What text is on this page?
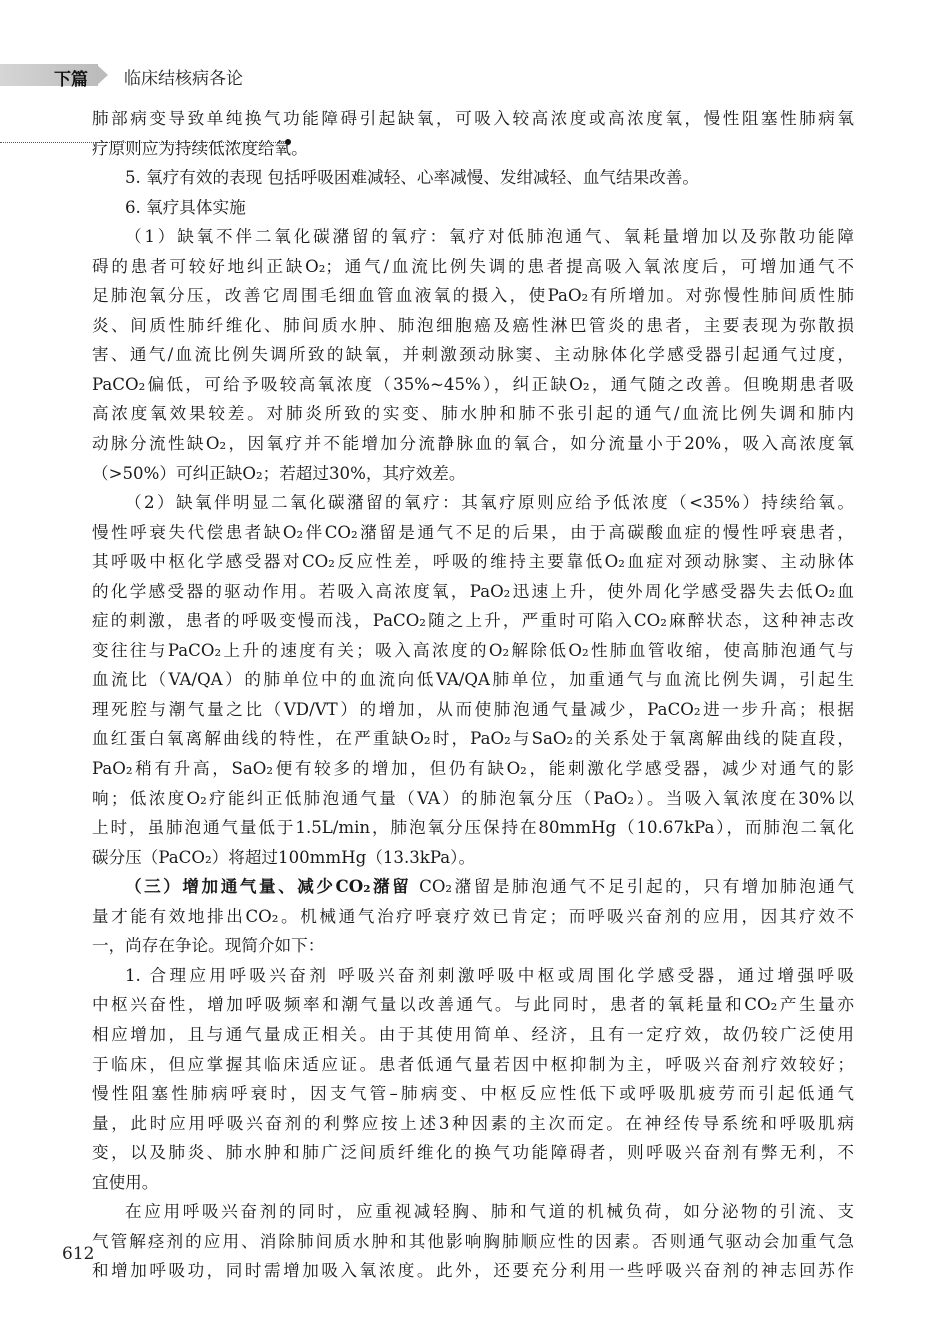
下篇 临床结核病各论
肺部病变导致单纯换气功能障碍引起缺氧，可吸入较高浓度或高浓度氧，慢性阻塞性肺病氧
疗原则应为持续低浓度给氧。
5. 氧疗有效的表现 包括呼吸困难减轻、心率减慢、发绀减轻、血气结果改善。
6. 氧疗具体实施
（1）缺氧不伴二氧化碳潴留的氧疗：氧疗对低肺泡通气、氧耗量增加以及弥散功能障
碍的患者可较好地纠正缺O₂；通气/血流比例失调的患者提高吸入氧浓度后，可增加通气不
足肺泡氧分压，改善它周围毛细血管血液氧的摄入，使PaO₂有所增加。对弥慢性肺间质性肺
炎、间质性肺纤维化、肺间质水肿、肺泡细胞癌及癌性淋巴管炎的患者，主要表现为弥散损
害、通气/血流比例失调所致的缺氧，并刺激颈动脉窦、主动脉体化学感受器引起通气过度，
PaCO₂偏低，可给予吸较高氧浓度（35%~45%），纠正缺O₂，通气随之改善。但晚期患者吸
高浓度氧效果较差。对肺炎所致的实变、肺水肿和肺不张引起的通气/血流比例失调和肺内
动脉分流性缺O₂，因氧疗并不能增加分流静脉血的氧合，如分流量小于20%，吸入高浓度氧
（>50%）可纠正缺O₂；若超过30%，其疗效差。
（2）缺氧伴明显二氧化碳潴留的氧疗：其氧疗原则应给予低浓度（<35%）持续给氧。
慢性呼衰失代偿患者缺O₂伴CO₂潴留是通气不足的后果，由于高碳酸血症的慢性呼衰患者，
其呼吸中枢化学感受器对CO₂反应性差，呼吸的维持主要靠低O₂血症对颈动脉窦、主动脉体
的化学感受器的驱动作用。若吸入高浓度氧，PaO₂迅速上升，使外周化学感受器失去低O₂血
症的刺激，患者的呼吸变慢而浅，PaCO₂随之上升，严重时可陷入CO₂麻醉状态，这种神志改
变往往与PaCO₂上升的速度有关；吸入高浓度的O₂解除低O₂性肺血管收缩，使高肺泡通气与
血流比（VA/QA）的肺单位中的血流向低VA/QA肺单位，加重通气与血流比例失调，引起生
理死腔与潮气量之比（VD/VT）的增加，从而使肺泡通气量减少，PaCO₂进一步升高；根据
血红蛋白氧离解曲线的特性，在严重缺O₂时，PaO₂与SaO₂的关系处于氧离解曲线的陡直段，
PaO₂稍有升高，SaO₂便有较多的增加，但仍有缺O₂，能刺激化学感受器，减少对通气的影
响；低浓度O₂疗能纠正低肺泡通气量（VA）的肺泡氧分压（PaO₂）。当吸入氧浓度在30%以
上时，虽肺泡通气量低于1.5L/min，肺泡氧分压保持在80mmHg（10.67kPa），而肺泡二氧化
碳分压（PaCO₂）将超过100mmHg（13.3kPa）。
（三）增加通气量、减少CO₂潴留 CO₂潴留是肺泡通气不足引起的，只有增加肺泡通气
量才能有效地排出CO₂。机械通气治疗呼衰疗效已肯定；而呼吸兴奋剂的应用，因其疗效不
一，尚存在争论。现简介如下：
1. 合理应用呼吸兴奋剂 呼吸兴奋剂刺激呼吸中枢或周围化学感受器，通过增强呼吸
中枢兴奋性，增加呼吸频率和潮气量以改善通气。与此同时，患者的氧耗量和CO₂产生量亦
相应增加，且与通气量成正相关。由于其使用简单、经济，且有一定疗效，故仍较广泛使用
于临床，但应掌握其临床适应证。患者低通气量若因中枢抑制为主，呼吸兴奋剂疗效较好；
慢性阻塞性肺病呼衰时，因支气管–肺病变、中枢反应性低下或呼吸肌疲劳而引起低通气
量，此时应用呼吸兴奋剂的利弊应按上述3种因素的主次而定。在神经传导系统和呼吸肌病
变，以及肺炎、肺水肿和肺广泛间质纤维化的换气功能障碍者，则呼吸兴奋剂有弊无利，不
宜使用。
在应用呼吸兴奋剂的同时，应重视减轻胸、肺和气道的机械负荷，如分泌物的引流、支
气管解痉剂的应用、消除肺间质水肿和其他影响胸肺顺应性的因素。否则通气驱动会加重气急
和增加呼吸功，同时需增加吸入氧浓度。此外，还要充分利用一些呼吸兴奋剂的神志回苏作
612
